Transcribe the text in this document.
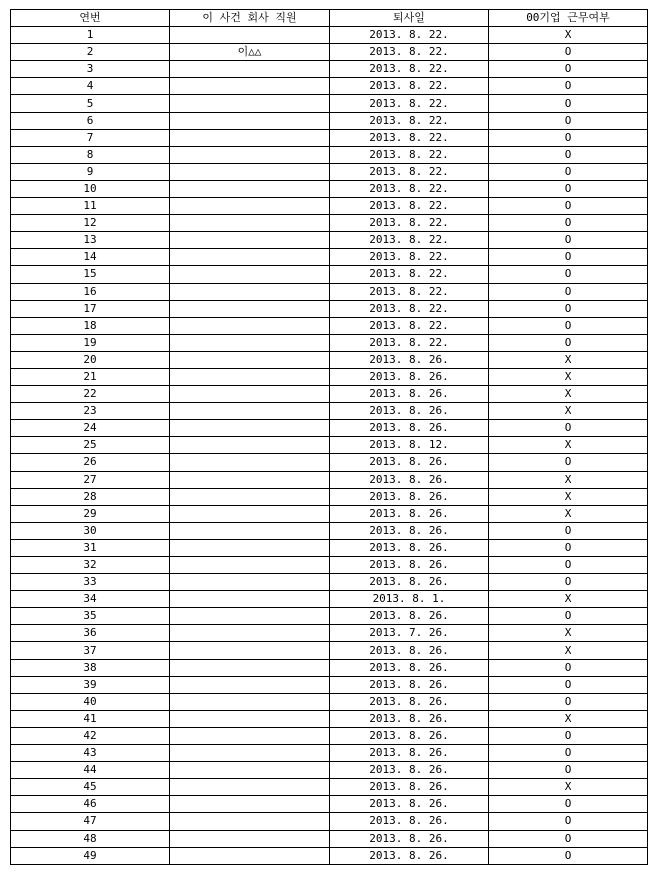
연번	이 사건 회사 직원	퇴사일	00기업 근무여부
1		2013. 8. 22.	X
2	이△△	2013. 8. 22.	O
3		2013. 8. 22.	O
4		2013. 8. 22.	O
5		2013. 8. 22.	O
6		2013. 8. 22.	O
7		2013. 8. 22.	O
8		2013. 8. 22.	O
9		2013. 8. 22.	O
10		2013. 8. 22.	O
11		2013. 8. 22.	O
12		2013. 8. 22.	O
13		2013. 8. 22.	O
14		2013. 8. 22.	O
15		2013. 8. 22.	O
16		2013. 8. 22.	O
17		2013. 8. 22.	O
18		2013. 8. 22.	O
19		2013. 8. 22.	O
20		2013. 8. 26.	X
21		2013. 8. 26.	X
22		2013. 8. 26.	X
23		2013. 8. 26.	X
24		2013. 8. 26.	O
25		2013. 8. 12.	X
26		2013. 8. 26.	O
27		2013. 8. 26.	X
28		2013. 8. 26.	X
29		2013. 8. 26.	X
30		2013. 8. 26.	O
31		2013. 8. 26.	O
32		2013. 8. 26.	O
33		2013. 8. 26.	O
34		2013. 8. 1.	X
35		2013. 8. 26.	O
36		2013. 7. 26.	X
37		2013. 8. 26.	X
38		2013. 8. 26.	O
39		2013. 8. 26.	O
40		2013. 8. 26.	O
41		2013. 8. 26.	X
42		2013. 8. 26.	O
43		2013. 8. 26.	O
44		2013. 8. 26.	O
45		2013. 8. 26.	X
46		2013. 8. 26.	O
47		2013. 8. 26.	O
48		2013. 8. 26.	O
49		2013. 8. 26.	O
